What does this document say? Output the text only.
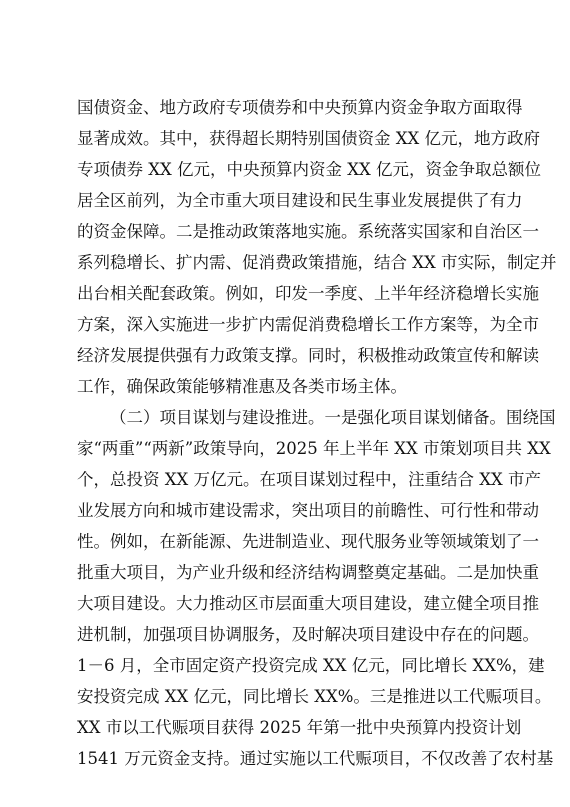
国债资金、地方政府专项债券和中央预算内资金争取方面取得
显著成效。其中，获得超长期特别国债资金 XX 亿元，地方政府
专项债券 XX 亿元，中央预算内资金 XX 亿元，资金争取总额位
居全区前列，为全市重大项目建设和民生事业发展提供了有力
的资金保障。二是推动政策落地实施。系统落实国家和自治区一
系列稳增长、扩内需、促消费政策措施，结合 XX 市实际，制定并
出台相关配套政策。例如，印发一季度、上半年经济稳增长实施
方案，深入实施进一步扩内需促消费稳增长工作方案等，为全市
经济发展提供强有力政策支撑。同时，积极推动政策宣传和解读
工作，确保政策能够精准惠及各类市场主体。
（二）项目谋划与建设推进。一是强化项目谋划储备。围绕国
家“两重”“两新”政策导向，2025 年上半年 XX 市策划项目共 XX
个，总投资 XX 万亿元。在项目谋划过程中，注重结合 XX 市产
业发展方向和城市建设需求，突出项目的前瞻性、可行性和带动
性。例如，在新能源、先进制造业、现代服务业等领域策划了一
批重大项目，为产业升级和经济结构调整奠定基础。二是加快重
大项目建设。大力推动区市层面重大项目建设，建立健全项目推
进机制，加强项目协调服务，及时解决项目建设中存在的问题。
1－6 月，全市固定资产投资完成 XX 亿元，同比增长 XX%，建
安投资完成 XX 亿元，同比增长 XX%。三是推进以工代赈项目。
XX 市以工代赈项目获得 2025 年第一批中央预算内投资计划
1541 万元资金支持。通过实施以工代赈项目，不仅改善了农村基
